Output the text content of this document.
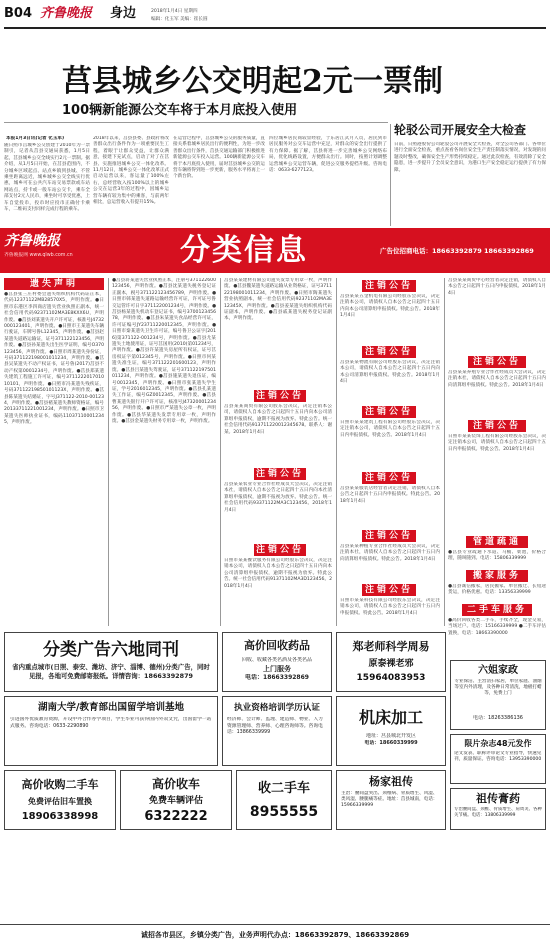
B04 齐鲁晚报	身边	2018年1月4日 星期四
编辑：化玉军 美编：崔长圆
莒县城乡公交明起2元一票制
100辆新能源公交车将于本月底投入使用
本报1月3日讯(记者 化玉军)
随日照市莒城乡公交创建于2010年为一票制引，记者从莒县交通局获悉，1月5日起，莒县城乡公交全线实行2元一票制。据介绍，从1月5日开始，在莒县范围内，不分城乡区域起点、站点乡镇到县城、不管乘坐距离远近，城乡城乡公交全线实行优惠，城乡可在公共汽车站交易票款或车站网站点，持卡或一般车站公交卡，乘车全部支付2元人民币，乘坐时可享受优惠，上车自觉投币，投币时应投币正确付卡乘车，二维码支付同样完成行程的乘车。
2018年以来，莒县县委、县政府将改善群众出行条件作为一项重要民生工程，着眼于让群众受益，让群众满意，接建下充试点，启动了对了在莒县、实施推进城乡公交一体化改革。11月12日，城乡公交一体化改革正式启动运营以来，客运量了100%左右，总经营收入按100%以上的城乡公交在运营3年的过程中，因城乡运营车辆有较为集中的乘客，与前两年相比，总运营收入有提升15%。
在运营过程中，莒县城乡公交的服务质量，直接关系着城乡居民出行的便利性，为进一步改善群众出行条件，莒县交通运输部门积极推进新能源公交车投入运营。100辆新能源公交车将于本月底投入使用，届时莒县城乡公交的运营车辆将得到进一步更新，服务水平将再上一个新台阶。
四位城乡居民商较显经验，于东居江式月人员，居民到市居民服务对公交车运营中充足，对群众的安全出行提供了有力保障。据了解，莒县将进一步完善城乡公交网络布局，优化线路设置，方便群众出行。同时，按照计划调整运营城乡公交运营车辆，促进公交服务提档升级。咨询电话：0633-6277123。
轮驳公司开展安全大检查
日前，日照港股份公司轮驳公司开展安全大检查，对全公司各部门、各单位进行全面安全检查，重点查看各岗位安全生产责任制落实情况，对发现的问题及时整改，确保安全生产形势持续稳定。通过此次检查，有效消除了安全隐患，进一步提升了全员安全意识，为港口生产安全稳定运行提供了有力保障。
齐鲁晚报
齐鲁晚报网 www.qlwb.com.cn	分类信息	广告位招商电话：18663392879 18663392869
遗失声明
●莒县张三庄村委会遗失组织机构代码证正本，代码12371122MB28570X5，声明作废。●日照市东港区李四商店遗失营业执照正副本，统一社会信用代码92371102MA3E8KXX6U，声明作废。●莒县刘某遗失开户许可证，核准号J4732000123401，声明作废。●日照市王某遗失车辆行驶证，车牌号鲁L12345，声明作废。●莒县赵某遗失道路运输证，证号371122123456，声明作废。●莒县孙某遗失出生医学证明，编号O370123456，声明作废。●日照市周某遗失身份证，号码371122198001011234，声明作废。●莒县吴某遗失不动产权证书，证号鲁(2017)莒县不动产权第0001234号，声明作废。●莒县郑某遗失建筑工程施工许可证，编号371122201701010101，声明作废。●日照市冯某遗失残疾证，号码37112219850101123X，声明作废。●莒县陈某遗失结婚证，字号J371122-2010-001234，声明作废。●莒县褚某遗失教师资格证，编号20133711221001234，声明作废。●日照市卫某遗失医师执业证书，编码110371100012345，声明作废。
●莒县蒋某遗失营业执照正本，注册号371122600123456，声明作废。●莒县沈某遗失税务登记证正副本，税号371122123456789，声明作废。●日照市韩某遗失道路运输经营许可证，许可证号鲁交运管许可日字371122001234号，声明作废。●莒县杨某遗失机动车登记证书，编号370012345678，声明作废。●莒县朱某遗失食品经营许可证，许可证编号JY23711220012345，声明作废。●日照市秦某遗失卫生许可证，编号鲁卫公证字[2016]第371122-001234号，声明作废。●莒县尤某遗失土地使用证，证号莒国用(2010)第01234号，声明作废。●莒县许某遗失房屋所有权证，证号莒房权证字第012345号，声明作废。●日照市何某遗失准生证，编号371122201600123，声明作废。●莒县吕某遗失驾驶证，证号371122197501011234，声明作废。●莒县施某遗失退伍证，编号0012345，声明作废。●日照市张某遗失学生证，学号2016012345，声明作废。●莒县孔某遗失工作证，编号GZ0012345，声明作废。●莒县曹某遗失银行开户许可证，核准号J4732000123456，声明作废。●日照市严某遗失公章一枚，声明作废。●莒县华某遗失发票专用章一枚，声明作废。●莒县金某遗失财务专用章一枚，声明作废。
莒县某某建材有限公司遗失发票专用章一枚，声明作废。●莒县魏某遗失道路运输从业资格证，证号371122198001011234，声明作废。●日照市陶某遗失营业执照副本，统一社会信用代码92371102MA3E12345X，声明作废。●莒县姜某遗失组织机构代码证副本，声明作废。●莒县戚某遗失税务登记证副本，声明作废。
注销公告
莒县某某商贸有限公司股东会决议，决定注销本公司，请债权人自本公告之日起四十五日内向本公司清算组申报债权，逾期不报视为放弃。特此公告。统一社会信用代码913711220012345678。联系人：谢某。2018年1月4日
注销公告
莒县某某农业专业合作社经成员大会决议，决定注销本社，请债权人自本公告之日起四十五日内向本社清算组申报债权，逾期不报视为放弃。特此公告。统一社会信用代码93371122MA3C123456。2018年1月4日
注销公告
日照市某某餐饮服务有限公司经股东会决议，决定注销本公司，请债权人自本公告之日起四十五日内向本公司清算组申报债权，逾期不报视为放弃。特此公告。统一社会信用代码91371102MA3D123456。2018年1月4日
注销公告
莒县某某五金机电有限公司经股东会决议，决定注销本公司，请债权人自本公告之日起四十五日内向本公司清算组申报债权。特此公告。2018年1月4日
注销公告
莒县某某物流有限公司经股东会决议，决定注销本公司，请债权人自本公告之日起四十五日内向本公司清算组申报债权。特此公告。2018年1月4日
注销公告
日照市某某建筑工程有限公司经股东会决议，决定注销本公司，请债权人自本公告之日起四十五日内申报债权。特此公告。2018年1月4日
注销公告
莒县某某服装店经营者决定注销，请债权人自本公告之日起四十五日内申报债权。特此公告。2018年1月4日
注销公告
莒县某某种植专业合作社经成员大会决议，决定注销本社，请债权人自本公告之日起四十五日内向清算组申报债权。特此公告。2018年1月4日
注销公告
日照市某某科技有限公司经股东会决议，决定注销本公司，请债权人自本公告之日起四十五日内申报债权。特此公告。2018年1月4日
莒县某某商贸中心经营者决定注销，请债权人自本公告之日起四十五日内申报债权。2018年1月4日
注销公告
莒县某某养殖专业合作社经成员大会决议，决定注销本社，请债权人自本公告之日起四十五日内向清算组申报债权。特此公告。2018年1月4日
注销公告
日照市某某装饰工程有限公司经股东会决议，决定注销本公司，请债权人自本公告之日起四十五日内申报债权。特此公告。2018年1月4日
管道疏通
●莒县专业疏通下水道、马桶、菜池，价格合理，随叫随到。电话：15806339999
搬家服务
●莒县诚信搬家，居民搬家、单位搬迁、长短途货运，价格优惠。电话：13356339999
二手车服务
●高价回收各类二手车，手续齐全，现金交易，当场过户。电话：15166339999 ●二手车评估置换，电话：18663390000
分类广告六地同刊
省内重点城市(日照、泰安、潍坊、济宁、淄博、德州)分类广告，同时见报，各地可免费邮寄报纸。详情咨询：18663392879
高价回收药品
回收、收藏各类名酒及各类名品
上门服务
电话：18663392869
郑老师科学周易
原泰裸老邪
15964083953
六姐家政
专业保洁、主营清扫家居，单位家庭、油烟等室内外清理，及各种日常清洗，地板打蜡等，免费上门
电话：18263386136
湖南大学/教育部出国留学培训基地
引进国外优质教育资源，开设中外合作办学项目，学生毕业可获得国内外双文凭，出国留学一站式服务。咨询电话：0633-2290890
执业资格培训学历认证
经济师、会计师、监理、建造师、物业、人力资源管理师、营养师、心理咨询师等。咨询电话：13866339999
机床加工
地址：莒县城北开发区
电话：18660339999	限片杂志48元发作
论文发表、职称评审论文专业指导，快速见刊，质量保证。咨询电话：13953390000
高价收购二手车
免费评估旧车置换
18906338998
高价收车
免费车辆评估
6322222
收二手车
8955555
杨家祖传
主治：腰间盘突出、颈椎病、骨质增生、风湿、类风湿、腰腿痛等症。地址：莒县城南，电话：15966339999
祖传膏药
专治腰间盘、颈椎、骨质增生、肩周炎、各种关节痛。电话：13806339999
诚招各市县区，乡镇分类广告，业务声明代办点：18663392879、18663392869
